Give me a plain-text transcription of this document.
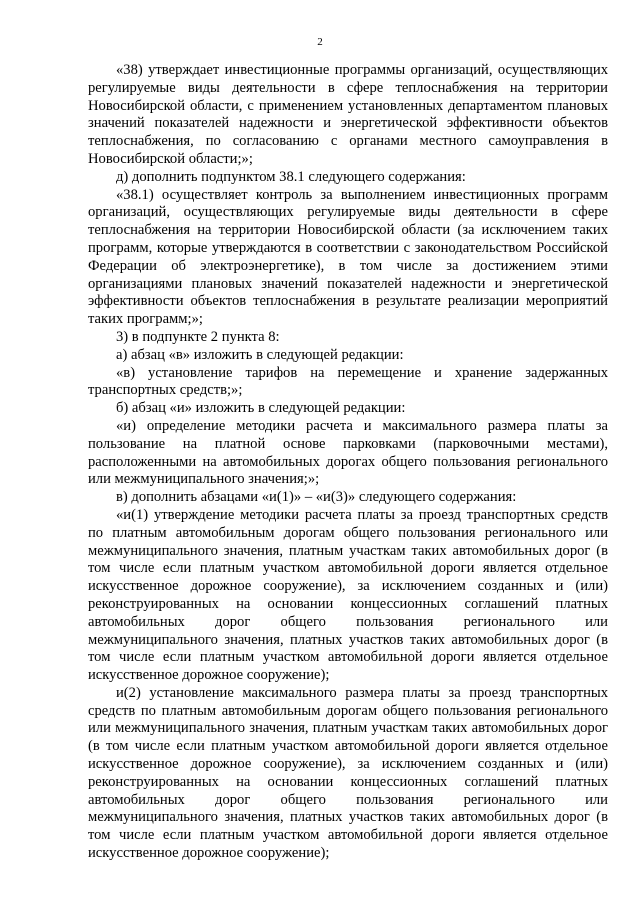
2

«38) утверждает инвестиционные программы организаций, осуществляющих регулируемые виды деятельности в сфере теплоснабжения на территории Новосибирской области, с применением установленных департаментом плановых значений показателей надежности и энергетической эффективности объектов теплоснабжения, по согласованию с органами местного самоуправления в Новосибирской области;»;

д) дополнить подпунктом 38.1 следующего содержания:

«38.1) осуществляет контроль за выполнением инвестиционных программ организаций, осуществляющих регулируемые виды деятельности в сфере теплоснабжения на территории Новосибирской области (за исключением таких программ, которые утверждаются в соответствии с законодательством Российской Федерации об электроэнергетике), в том числе за достижением этими организациями плановых значений показателей надежности и энергетической эффективности объектов теплоснабжения в результате реализации мероприятий таких программ;»;

3) в подпункте 2 пункта 8:

а) абзац «в» изложить в следующей редакции:

«в) установление тарифов на перемещение и хранение задержанных транспортных средств;»;

б) абзац «и» изложить в следующей редакции:

«и) определение методики расчета и максимального размера платы за пользование на платной основе парковками (парковочными местами), расположенными на автомобильных дорогах общего пользования регионального или межмуниципального значения;»;

в) дополнить абзацами «и(1)» – «и(3)» следующего содержания:

«и(1) утверждение методики расчета платы за проезд транспортных средств по платным автомобильным дорогам общего пользования регионального или межмуниципального значения, платным участкам таких автомобильных дорог (в том числе если платным участком автомобильной дороги является отдельное искусственное дорожное сооружение), за исключением созданных и (или) реконструированных на основании концессионных соглашений платных автомобильных дорог общего пользования регионального или межмуниципального значения, платных участков таких автомобильных дорог (в том числе если платным участком автомобильной дороги является отдельное искусственное дорожное сооружение);

и(2) установление максимального размера платы за проезд транспортных средств по платным автомобильным дорогам общего пользования регионального или межмуниципального значения, платным участкам таких автомобильных дорог (в том числе если платным участком автомобильной дороги является отдельное искусственное дорожное сооружение), за исключением созданных и (или) реконструированных на основании концессионных соглашений платных автомобильных дорог общего пользования регионального или межмуниципального значения, платных участков таких автомобильных дорог (в том числе если платным участком автомобильной дороги является отдельное искусственное дорожное сооружение);
